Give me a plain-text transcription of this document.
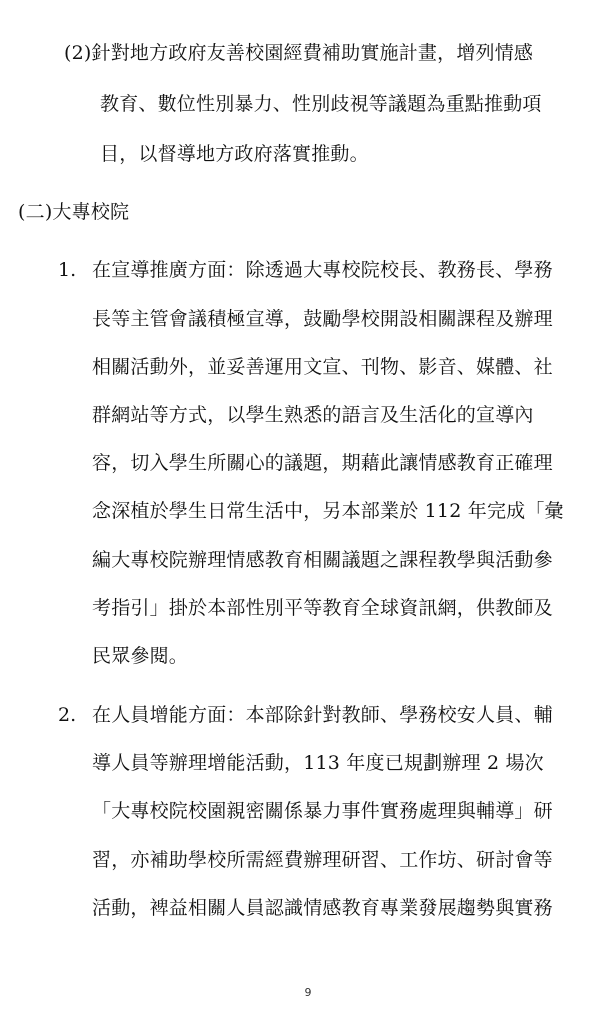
(2)針對地方政府友善校園經費補助實施計畫，增列情感
教育、數位性別暴力、性別歧視等議題為重點推動項
目，以督導地方政府落實推動。
(二)大專校院
1. 在宣導推廣方面：除透過大專校院校長、教務長、學務
長等主管會議積極宣導，鼓勵學校開設相關課程及辦理
相關活動外，並妥善運用文宣、刊物、影音、媒體、社
群網站等方式，以學生熟悉的語言及生活化的宣導內
容，切入學生所關心的議題，期藉此讓情感教育正確理
念深植於學生日常生活中，另本部業於 112 年完成「彙
編大專校院辦理情感教育相關議題之課程教學與活動參
考指引」掛於本部性別平等教育全球資訊網，供教師及
民眾參閱。
2. 在人員增能方面：本部除針對教師、學務校安人員、輔
導人員等辦理增能活動，113 年度已規劃辦理 2 場次
「大專校院校園親密關係暴力事件實務處理與輔導」研
習，亦補助學校所需經費辦理研習、工作坊、研討會等
活動，裨益相關人員認識情感教育專業發展趨勢與實務
9
